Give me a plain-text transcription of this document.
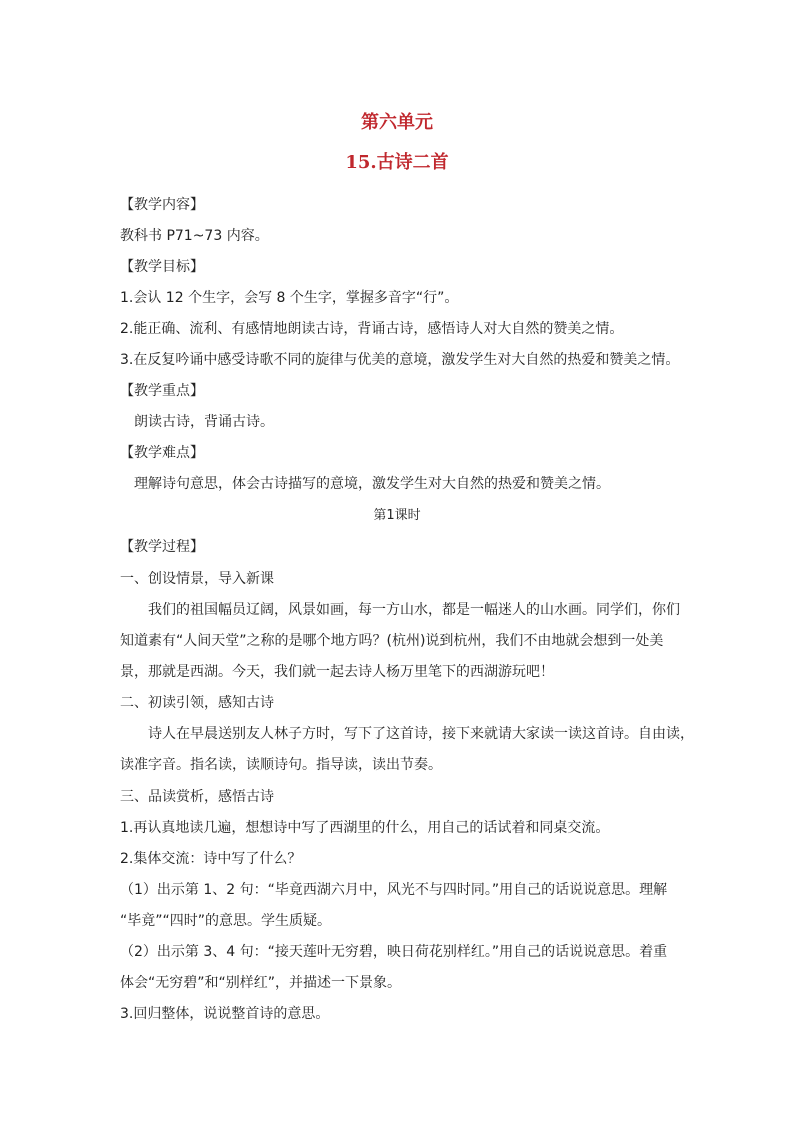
第六单元
15.古诗二首
【教学内容】
教科书 P71~73 内容。
【教学目标】
1.会认 12 个生字，会写 8 个生字，掌握多音字“行”。
2.能正确、流利、有感情地朗读古诗，背诵古诗，感悟诗人对大自然的赞美之情。
3.在反复吟诵中感受诗歌不同的旋律与优美的意境，激发学生对大自然的热爱和赞美之情。
【教学重点】
朗读古诗，背诵古诗。
【教学难点】
理解诗句意思，体会古诗描写的意境，激发学生对大自然的热爱和赞美之情。
第1课时
【教学过程】
一、创设情景，导入新课
我们的祖国幅员辽阔，风景如画，每一方山水，都是一幅迷人的山水画。同学们，你们
知道素有“人间天堂”之称的是哪个地方吗？(杭州)说到杭州，我们不由地就会想到一处美
景，那就是西湖。今天，我们就一起去诗人杨万里笔下的西湖游玩吧！
二、初读引领，感知古诗
诗人在早晨送别友人林子方时，写下了这首诗，接下来就请大家读一读这首诗。自由读，
读准字音。指名读，读顺诗句。指导读，读出节奏。
三、品读赏析，感悟古诗
1.再认真地读几遍，想想诗中写了西湖里的什么，用自己的话试着和同桌交流。
2.集体交流：诗中写了什么？
（1）出示第 1、2 句：“毕竟西湖六月中，风光不与四时同。”用自己的话说说意思。理解
“毕竟”“四时”的意思。学生质疑。
（2）出示第 3、4 句：“接天莲叶无穷碧，映日荷花别样红。”用自己的话说说意思。着重
体会“无穷碧”和“别样红”，并描述一下景象。
3.回归整体，说说整首诗的意思。
